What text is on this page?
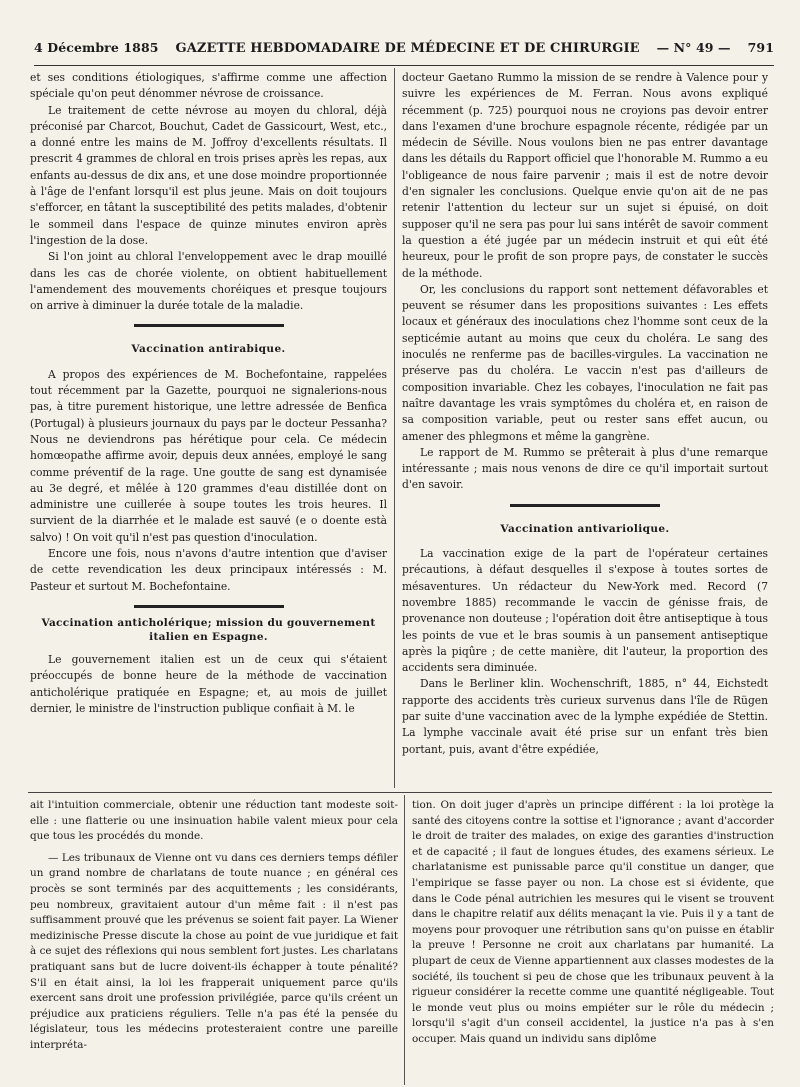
4 Décembre 1885 GAZETTE HEBDOMADAIRE DE MÉDECINE ET DE CHIRURGIE — N° 49 — 791

et ses conditions étiologiques, s'affirme comme une affection spéciale qu'on peut dénommer névrose de croissance.

Le traitement de cette névrose au moyen du chloral, déjà préconisé par Charcot, Bouchut, Cadet de Gassicourt, West, etc., a donné entre les mains de M. Joffroy d'excellents résultats. Il prescrit 4 grammes de chloral en trois prises après les repas, aux enfants au-dessus de dix ans, et une dose moindre proportionnée à l'âge de l'enfant lorsqu'il est plus jeune. Mais on doit toujours s'efforcer, en tâtant la susceptibilité des petits malades, d'obtenir le sommeil dans l'espace de quinze minutes environ après l'ingestion de la dose.

Si l'on joint au chloral l'enveloppement avec le drap mouillé dans les cas de chorée violente, on obtient habituellement l'amendement des mouvements choréiques et presque toujours on arrive à diminuer la durée totale de la maladie.

Vaccination antirabique.

A propos des expériences de M. Bochefontaine, rappelées tout récemment par la Gazette, pourquoi ne signalerions-nous pas, à titre purement historique, une lettre adressée de Benfica (Portugal) à plusieurs journaux du pays par le docteur Pessanha? Nous ne deviendrons pas hérétique pour cela. Ce médecin homœopathe affirme avoir, depuis deux années, employé le sang comme préventif de la rage. Une goutte de sang est dynamisée au 3e degré, et mêlée à 120 grammes d'eau distillée dont on administre une cuillerée à soupe toutes les trois heures. Il survient de la diarrhée et le malade est sauvé (e o doente està salvo) ! On voit qu'il n'est pas question d'inoculation.

Encore une fois, nous n'avons d'autre intention que d'aviser de cette revendication les deux principaux intéressés : M. Pasteur et surtout M. Bochefontaine.

Vaccination anticholérique; mission du gouvernement
italien en Espagne.

Le gouvernement italien est un de ceux qui s'étaient préoccupés de bonne heure de la méthode de vaccination anticholérique pratiquée en Espagne; et, au mois de juillet dernier, le ministre de l'instruction publique confiait à M. le

docteur Gaetano Rummo la mission de se rendre à Valence pour y suivre les expériences de M. Ferran. Nous avons expliqué récemment (p. 725) pourquoi nous ne croyions pas devoir entrer dans l'examen d'une brochure espagnole récente, rédigée par un médecin de Séville. Nous voulons bien ne pas entrer davantage dans les détails du Rapport officiel que l'honorable M. Rummo a eu l'obligeance de nous faire parvenir ; mais il est de notre devoir d'en signaler les conclusions. Quelque envie qu'on ait de ne pas retenir l'attention du lecteur sur un sujet si épuisé, on doit supposer qu'il ne sera pas pour lui sans intérêt de savoir comment la question a été jugée par un médecin instruit et qui eût été heureux, pour le profit de son propre pays, de constater le succès de la méthode.

Or, les conclusions du rapport sont nettement défavorables et peuvent se résumer dans les propositions suivantes : Les effets locaux et généraux des inoculations chez l'homme sont ceux de la septicémie autant au moins que ceux du choléra. Le sang des inoculés ne renferme pas de bacilles-virgules. La vaccination ne préserve pas du choléra. Le vaccin n'est pas d'ailleurs de composition invariable. Chez les cobayes, l'inoculation ne fait pas naître davantage les vrais symptômes du choléra et, en raison de sa composition variable, peut ou rester sans effet aucun, ou amener des phlegmons et même la gangrène.

Le rapport de M. Rummo se prêterait à plus d'une remarque intéressante ; mais nous venons de dire ce qu'il importait surtout d'en savoir.

Vaccination antivariolique.

La vaccination exige de la part de l'opérateur certaines précautions, à défaut desquelles il s'expose à toutes sortes de mésaventures. Un rédacteur du New-York med. Record (7 novembre 1885) recommande le vaccin de génisse frais, de provenance non douteuse ; l'opération doit être antiseptique à tous les points de vue et le bras soumis à un pansement antiseptique après la piqûre ; de cette manière, dit l'auteur, la proportion des accidents sera diminuée.

Dans le Berliner klin. Wochenschrift, 1885, n° 44, Eichstedt rapporte des accidents très curieux survenus dans l'île de Rügen par suite d'une vaccination avec de la lymphe expédiée de Stettin. La lymphe vaccinale avait été prise sur un enfant très bien portant, puis, avant d'être expédiée,

ait l'intuition commerciale, obtenir une réduction tant modeste soit-elle : une flatterie ou une insinuation habile valent mieux pour cela que tous les procédés du monde.

— Les tribunaux de Vienne ont vu dans ces derniers temps défiler un grand nombre de charlatans de toute nuance ; en général ces procès se sont terminés par des acquittements ; les considérants, peu nombreux, gravitaient autour d'un même fait : il n'est pas suffisamment prouvé que les prévenus se soient fait payer. La Wiener medizinische Presse discute la chose au point de vue juridique et fait à ce sujet des réflexions qui nous semblent fort justes. Les charlatans pratiquant sans but de lucre doivent-ils échapper à toute pénalité? S'il en était ainsi, la loi les frapperait uniquement parce qu'ils exercent sans droit une profession privilégiée, parce qu'ils créent un préjudice aux praticiens réguliers. Telle n'a pas été la pensée du législateur, tous les médecins protesteraient contre une pareille interpréta-

tion. On doit juger d'après un principe différent : la loi protège la santé des citoyens contre la sottise et l'ignorance ; avant d'accorder le droit de traiter des malades, on exige des garanties d'instruction et de capacité ; il faut de longues études, des examens sérieux. Le charlatanisme est punissable parce qu'il constitue un danger, que l'empirique se fasse payer ou non. La chose est si évidente, que dans le Code pénal autrichien les mesures qui le visent se trouvent dans le chapitre relatif aux délits menaçant la vie. Puis il y a tant de moyens pour provoquer une rétribution sans qu'on puisse en établir la preuve ! Personne ne croit aux charlatans par humanité. La plupart de ceux de Vienne appartiennent aux classes modestes de la société, ils touchent si peu de chose que les tribunaux peuvent à la rigueur considérer la recette comme une quantité négligeable. Tout le monde veut plus ou moins empiéter sur le rôle du médecin ; lorsqu'il s'agit d'un conseil accidentel, la justice n'a pas à s'en occuper. Mais quand un individu sans diplôme
